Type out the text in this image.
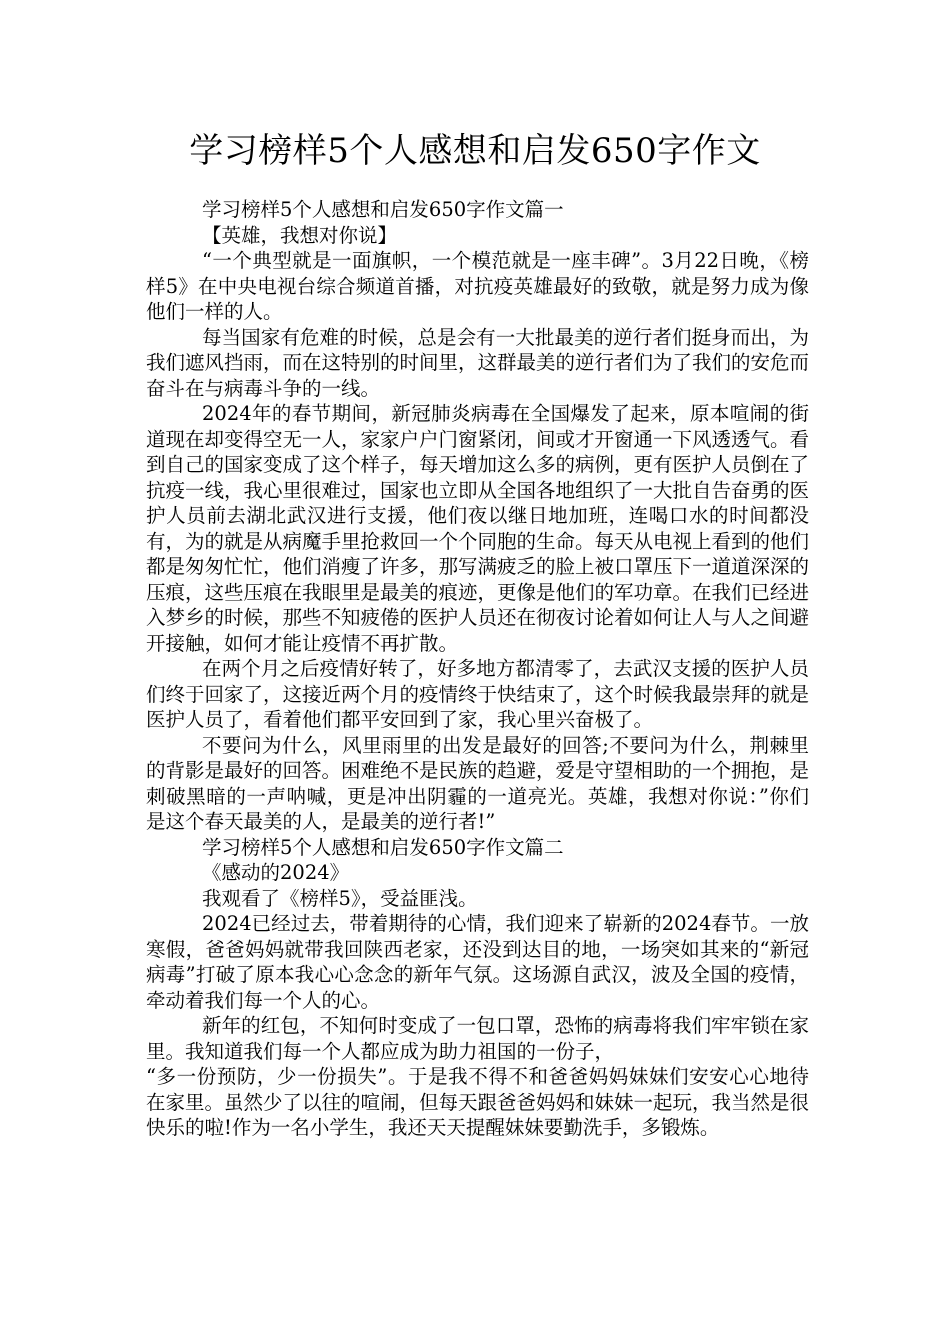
学习榜样5个人感想和启发650字作文

学习榜样5个人感想和启发650字作文篇一

【英雄，我想对你说】

“一个典型就是一面旗帜，一个模范就是一座丰碑”。3月22日晚，《榜样5》在中央电视台综合频道首播，对抗疫英雄最好的致敬，就是努力成为像他们一样的人。

每当国家有危难的时候，总是会有一大批最美的逆行者们挺身而出，为我们遮风挡雨，而在这特别的时间里，这群最美的逆行者们为了我们的安危而奋斗在与病毒斗争的一线。

2024年的春节期间，新冠肺炎病毒在全国爆发了起来，原本喧闹的街道现在却变得空无一人，家家户户门窗紧闭，间或才开窗通一下风透透气。看到自己的国家变成了这个样子，每天增加这么多的病例，更有医护人员倒在了抗疫一线，我心里很难过，国家也立即从全国各地组织了一大批自告奋勇的医护人员前去湖北武汉进行支援，他们夜以继日地加班，连喝口水的时间都没有，为的就是从病魔手里抢救回一个个同胞的生命。每天从电视上看到的他们都是匆匆忙忙，他们消瘦了许多，那写满疲乏的脸上被口罩压下一道道深深的压痕，这些压痕在我眼里是最美的痕迹，更像是他们的军功章。在我们已经进入梦乡的时候，那些不知疲倦的医护人员还在彻夜讨论着如何让人与人之间避开接触，如何才能让疫情不再扩散。

在两个月之后疫情好转了，好多地方都清零了，去武汉支援的医护人员们终于回家了，这接近两个月的疫情终于快结束了，这个时候我最崇拜的就是医护人员了，看着他们都平安回到了家，我心里兴奋极了。

不要问为什么，风里雨里的出发是最好的回答;不要问为什么，荆棘里的背影是最好的回答。困难绝不是民族的趋避，爱是守望相助的一个拥抱，是刺破黑暗的一声呐喊，更是冲出阴霾的一道亮光。英雄，我想对你说：”你们是这个春天最美的人，是最美的逆行者!”

学习榜样5个人感想和启发650字作文篇二

《感动的2024》

我观看了《榜样5》，受益匪浅。

2024已经过去，带着期待的心情，我们迎来了崭新的2024春节。一放寒假，爸爸妈妈就带我回陕西老家，还没到达目的地，一场突如其来的“新冠病毒”打破了原本我心心念念的新年气氛。这场源自武汉，波及全国的疫情，牵动着我们每一个人的心。

新年的红包，不知何时变成了一包口罩，恐怖的病毒将我们牢牢锁在家里。我知道我们每一个人都应成为助力祖国的一份子，

“多一份预防，少一份损失”。于是我不得不和爸爸妈妈妹妹们安安心心地待在家里。虽然少了以往的喧闹，但每天跟爸爸妈妈和妹妹一起玩，我当然是很快乐的啦!作为一名小学生，我还天天提醒妹妹要勤洗手，多锻炼。
